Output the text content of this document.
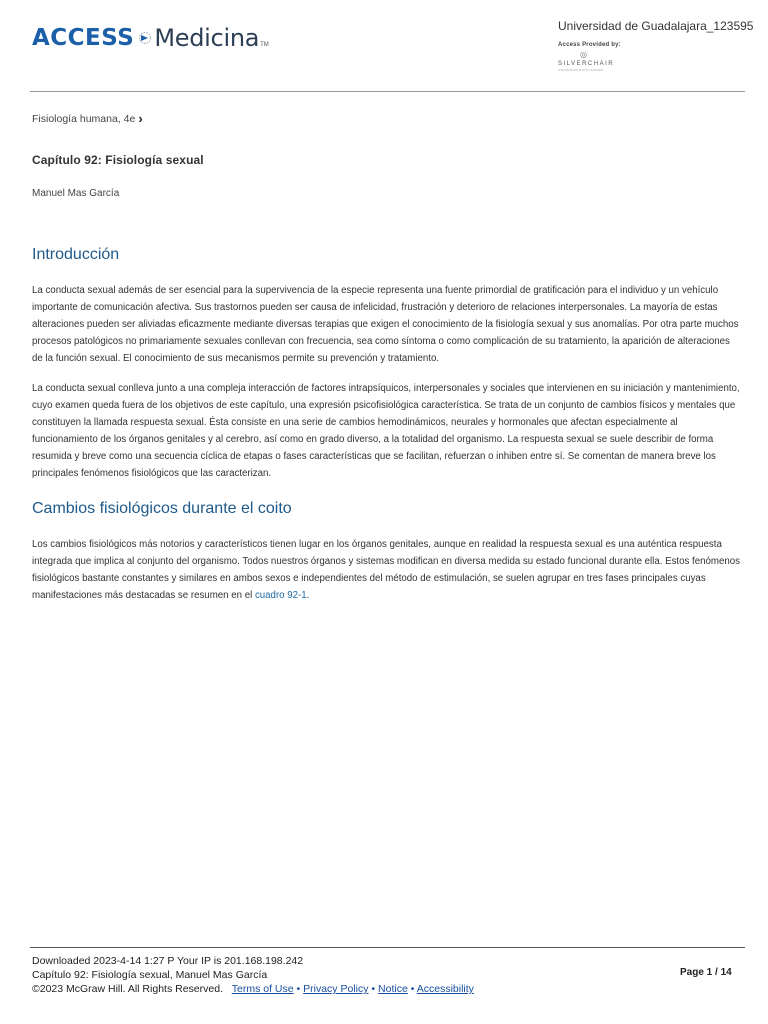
ACCESS Medicina TM
Universidad de Guadalajara_123595
Access Provided by:
◎
SILVERCHAIR
INFORMATION/SYSTEMS
Fisiología humana, 4e ›
Capítulo 92: Fisiología sexual
Manuel Mas García
Introducción

La conducta sexual además de ser esencial para la supervivencia de la especie representa una fuente primordial de gratificación para el individuo y un vehículo importante de comunicación afectiva. Sus trastornos pueden ser causa de infelicidad, frustración y deterioro de relaciones interpersonales. La mayoría de estas alteraciones pueden ser aliviadas eficazmente mediante diversas terapias que exigen el conocimiento de la fisiología sexual y sus anomalías. Por otra parte muchos procesos patológicos no primariamente sexuales conllevan con frecuencia, sea como síntoma o como complicación de su tratamiento, la aparición de alteraciones de la función sexual. El conocimiento de sus mecanismos permite su prevención y tratamiento.

La conducta sexual conlleva junto a una compleja interacción de factores intrapsíquicos, interpersonales y sociales que intervienen en su iniciación y mantenimiento, cuyo examen queda fuera de los objetivos de este capítulo, una expresión psicofisiológica característica. Se trata de un conjunto de cambios físicos y mentales que constituyen la llamada respuesta sexual. Ésta consiste en una serie de cambios hemodinámicos, neurales y hormonales que afectan especialmente al funcionamiento de los órganos genitales y al cerebro, así como en grado diverso, a la totalidad del organismo. La respuesta sexual se suele describir de forma resumida y breve como una secuencia cíclica de etapas o fases características que se facilitan, refuerzan o inhiben entre sí. Se comentan de manera breve los principales fenómenos fisiológicos que las caracterizan.

Cambios fisiológicos durante el coito

Los cambios fisiológicos más notorios y característicos tienen lugar en los órganos genitales, aunque en realidad la respuesta sexual es una auténtica respuesta integrada que implica al conjunto del organismo. Todos nuestros órganos y sistemas modifican en diversa medida su estado funcional durante ella. Estos fenómenos fisiológicos bastante constantes y similares en ambos sexos e independientes del método de estimulación, se suelen agrupar en tres fases principales cuyas manifestaciones más destacadas se resumen en el cuadro 92-1.

Downloaded 2023-4-14 1:27 P Your IP is 201.168.198.242
Capítulo 92: Fisiología sexual, Manuel Mas García
©2023 McGraw Hill. All Rights Reserved. Terms of Use • Privacy Policy • Notice • Accessibility
Page 1 / 14
